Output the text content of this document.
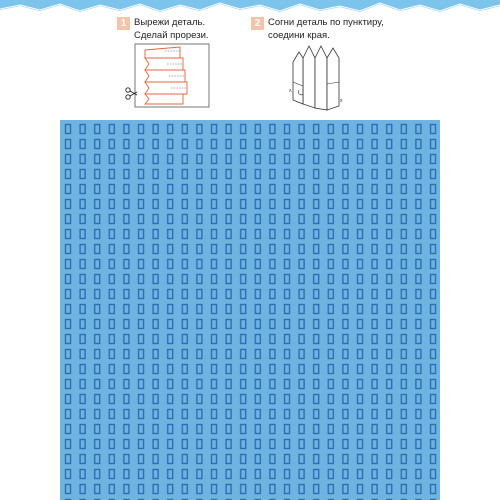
1 Вырежи деталь.
Сделай прорези.
2 Согни деталь по пунктиру,
соедини края.
ʌ
x
